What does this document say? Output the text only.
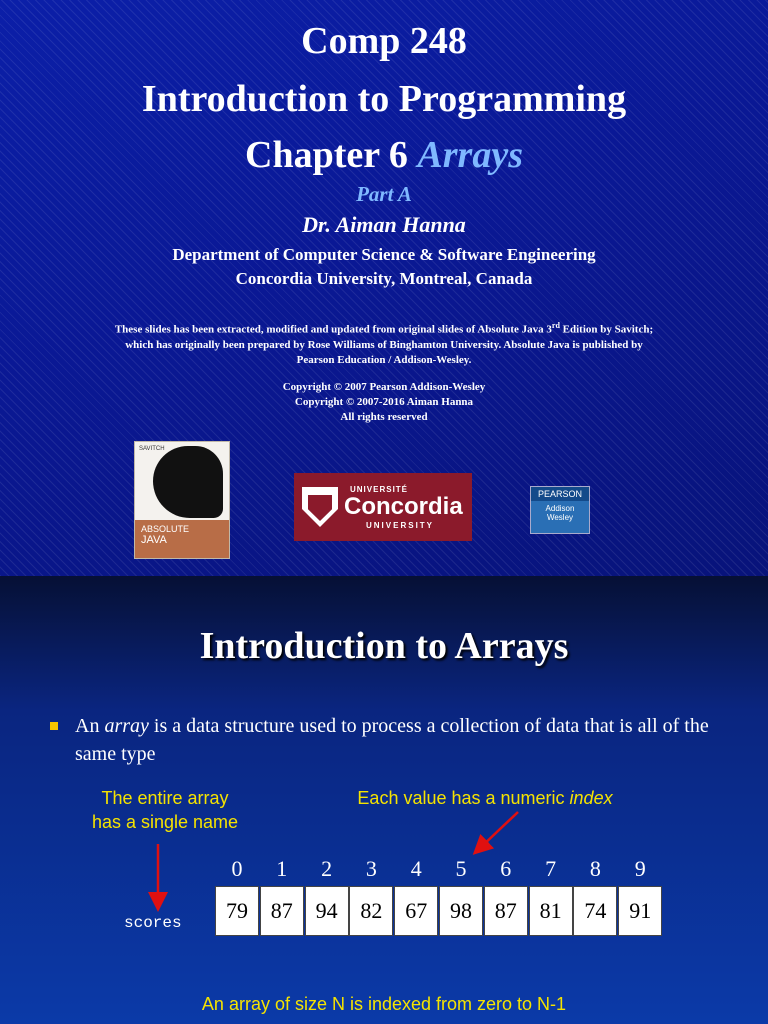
Comp 248
Introduction to Programming
Chapter 6 Arrays
Part A
Dr. Aiman Hanna
Department of Computer Science & Software Engineering
Concordia University, Montreal, Canada
These slides has been extracted, modified and updated from original slides of Absolute Java 3rd Edition by Savitch;
which has originally been prepared by Rose Williams of Binghamton University. Absolute Java is published by
Pearson Education / Addison-Wesley.
Copyright © 2007 Pearson Addison-Wesley
Copyright © 2007-2016 Aiman Hanna
All rights reserved
SAVITCH
ABSOLUTE
JAVA
UNIVERSITÉ
Concordia
UNIVERSITY
PEARSON
Addison
Wesley
Introduction to Arrays
An array is a data structure used to process a collection of data that is all of the same type
The entire array
has a single name
Each value has a numeric index
0	1	2	3	4	5	6	7	8	9
79	87	94	82	67	98	87	81	74	91
scores
An array of size N is indexed from zero to N-1
